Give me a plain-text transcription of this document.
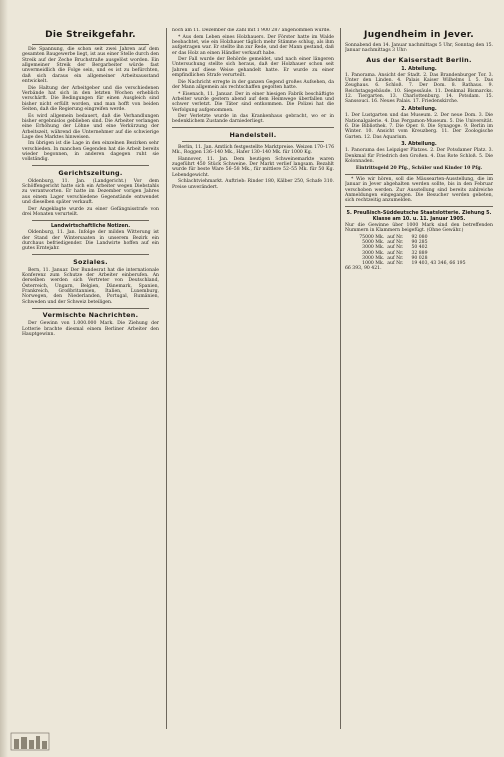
Die Streikgefahr.

Die Spannung, die schon seit zwei Jahren auf dem gesamten Baugewerbe liegt, ist aus einer Stelle durch den Streik auf der Zeche Bruchstraße ausgelöst worden. Ein allgemeiner Streik der Bergarbeiter würde fast unvermeidlich die Folge sein, und es ist zu befürchten, daß sich daraus ein allgemeiner Arbeitsausstand entwickelt.

Die Haltung der Arbeitgeber und die verschiedenen Verbände hat sich in den letzten Wochen erheblich verschärft. Die Bedingungen für einen Ausgleich sind bisher nicht erfüllt worden, und man hofft von beiden Seiten, daß die Regierung eingreifen werde.

Es wird allgemein bedauert, daß die Verhandlungen bisher ergebnislos geblieben sind. Die Arbeiter verlangen eine Erhöhung der Löhne und eine Verkürzung der Arbeitszeit, während die Unternehmer auf die schwierige Lage des Marktes hinweisen.

Im übrigen ist die Lage in den einzelnen Bezirken sehr verschieden. In manchen Gegenden hat die Arbeit bereits wieder begonnen, in anderen dagegen ruht sie vollständig.

Gerichtszeitung.

Oldenburg, 11. Jan. (Landgericht.) Vor dem Schöffengericht hatte sich ein Arbeiter wegen Diebstahls zu verantworten. Er hatte im Dezember vorigen Jahres aus einem Lager verschiedene Gegenstände entwendet und dieselben später verkauft.

Der Angeklagte wurde zu einer Gefängnisstrafe von drei Monaten verurteilt.

Landwirtschaftliche Notizen.

Oldenburg, 11. Jan. Infolge der milden Witterung ist der Stand der Wintersaaten in unserem Bezirk ein durchaus befriedigender. Die Landwirte hoffen auf ein gutes Erntejahr.

Soziales.

Bern, 11. Januar. Der Bundesrat hat die internationale Konferenz zum Schutze der Arbeiter einberufen. An derselben werden sich Vertreter von Deutschland, Österreich, Ungarn, Belgien, Dänemark, Spanien, Frankreich, Großbritannien, Italien, Luxemburg, Norwegen, den Niederlanden, Portugal, Rumänien, Schweden und der Schweiz beteiligen.

Vermischte Nachrichten.

Der Gewinn von 1.000.000 Mark. Die Ziehung der Lotterie brachte diesmal einem Berliner Arbeiter den Hauptgewinn.

noch am 11. Dezember die Zahl mit 1 900 287 angenommen wurde.

* Aus dem Leben eines Holzhauers. Der Förster hatte im Walde beobachtet, wie ein Holzhauer täglich mehr Stämme schlug, als ihm aufgetragen war. Er stellte ihn zur Rede, und der Mann gestand, daß er das Holz an einen Händler verkauft habe.

Der Fall wurde der Behörde gemeldet, und nach einer längeren Untersuchung stellte sich heraus, daß der Holzhauer schon seit Jahren auf diese Weise gehandelt hatte. Er wurde zu einer empfindlichen Strafe verurteilt.

Die Nachricht erregte in der ganzen Gegend großes Aufsehen, da der Mann allgemein als rechtschaffen gegolten hatte.

* Eisenach, 11. Januar. Der in einer hiesigen Fabrik beschäftigte Arbeiter wurde gestern abend auf dem Heimwege überfallen und schwer verletzt. Die Täter sind entkommen. Die Polizei hat die Verfolgung aufgenommen.

Der Verletzte wurde in das Krankenhaus gebracht, wo er in bedenklichem Zustande darniederliegt.

Handelsteil.

Berlin, 11. Jan. Amtlich festgestellte Marktpreise. Weizen 170–176 Mk., Roggen 136–140 Mk., Hafer 130–140 Mk. für 1000 Kg.

Hannover, 11. Jan. Dem heutigen Schweinemarkte waren zugeführt 450 Stück Schweine. Der Markt verlief langsam. Bezahlt wurde für beste Ware 56–58 Mk., für mittlere 52–55 Mk. für 50 Kg. Lebendgewicht.

Schlachtviehmarkt. Auftrieb: Rinder 180, Kälber 250, Schafe 310. Preise unverändert.

Jugendheim in Jever.

Sonnabend den 14. Januar nachmittags 5 Uhr, Sonntag den 15. Januar nachmittags 3 Uhr:

Aus der Kaiserstadt Berlin.
1. Abteilung.

1. Panorama. Ansicht der Stadt. 2. Das Brandenburger Tor. 3. Unter den Linden. 4. Palais Kaiser Wilhelms I. 5. Das Zeughaus. 6. Schloß. 7. Der Dom. 8. Rathaus. 9. Reichstagsgebäude. 10. Siegessäule. 11. Denkmal Bismarcks. 12. Tiergarten. 13. Charlottenburg. 14. Potsdam. 15. Sanssouci. 16. Neues Palais. 17. Friedenskirche.

2. Abteilung.

1. Der Lustgarten und das Museum. 2. Der neue Dom. 3. Die Nationalgalerie. 4. Das Pergamon-Museum. 5. Die Universität. 6. Die Bibliothek. 7. Die Oper. 8. Die Synagoge. 9. Berlin im Winter. 10. Ansicht vom Kreuzberg. 11. Der Zoologische Garten. 12. Das Aquarium.

3. Abteilung.

1. Panorama des Leipziger Platzes. 2. Der Potsdamer Platz. 3. Denkmal für Friedrich den Großen. 4. Das Rote Schloß. 5. Die Kolonnaden.

Eintrittsgeld 20 Pfg., Schüler und Kinder 10 Pfg.

* Wie wir hören, soll die Mäusearten-Ausstellung, die im Januar in Jever abgehalten werden sollte, bis in den Februar verschoben werden. Zur Ausstellung sind bereits zahlreiche Anmeldungen eingegangen. Die Besucher werden gebeten, sich rechtzeitig anzumelden.

5. Preußisch-Süddeutsche Staatslotterie. Ziehung 5. Klasse am 10. u. 11. Januar 1905.

Nur die Gewinne über 1000 Mark sind den betreffenden Nummern in Klammern beigefügt. (Ohne Gewähr.)

75000 Mk.	auf Nr.	92 080
5000 Mk.	auf Nr.	90 285
3000 Mk.	auf Nr.	50 402
3000 Mk.	auf Nr.	32 889
3000 Mk.	auf Nr.	90 028
1000 Mk.	auf Nr.	19 403, 43 346, 66 195

66 393, 90 421.
